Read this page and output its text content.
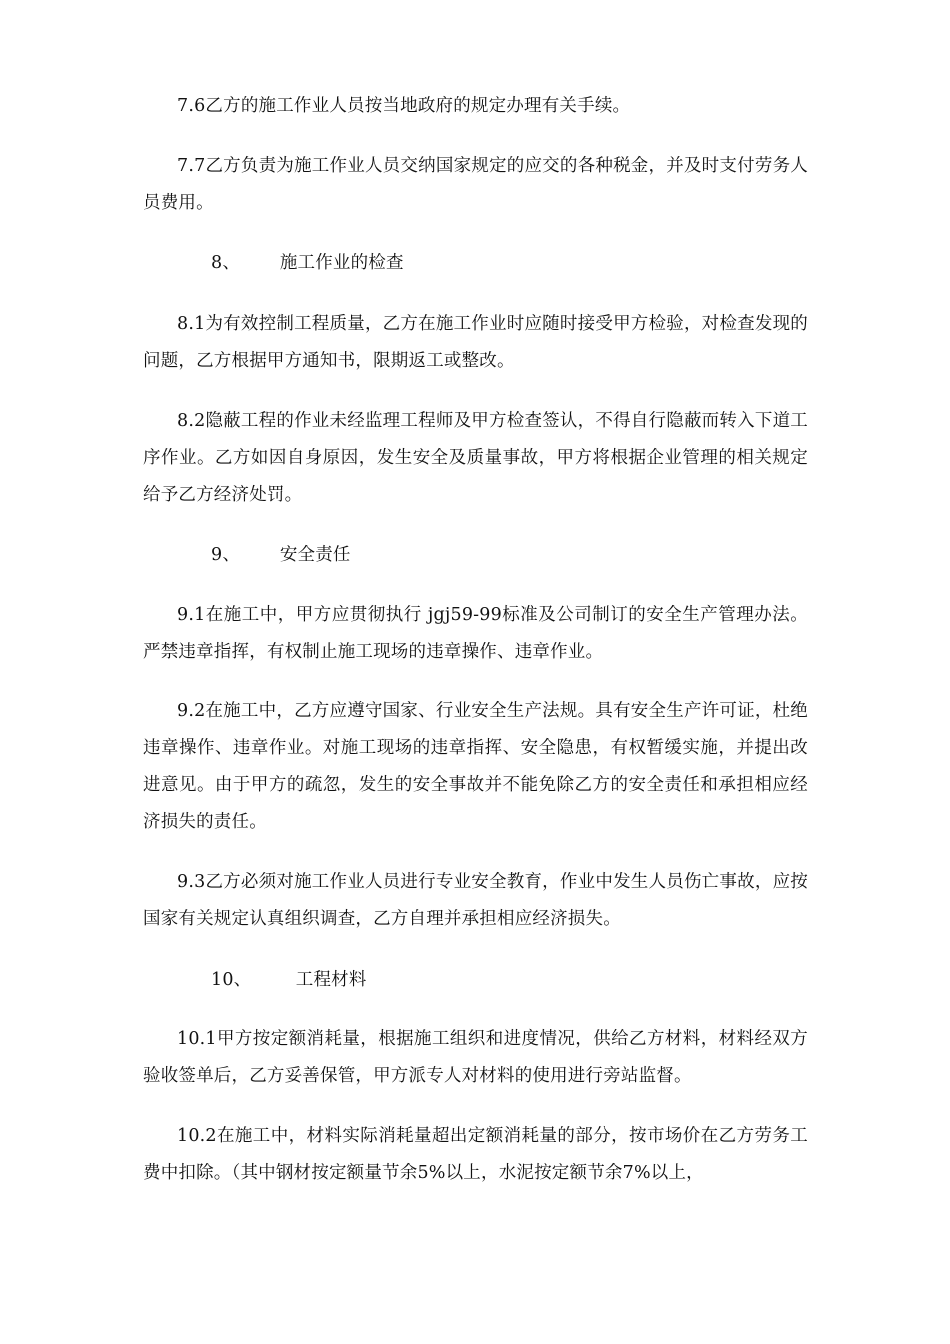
7.6乙方的施工作业人员按当地政府的规定办理有关手续。

7.7乙方负责为施工作业人员交纳国家规定的应交的各种税金，并及时支付劳务人员费用。

8、 施工作业的检查

8.1为有效控制工程质量，乙方在施工作业时应随时接受甲方检验，对检查发现的问题，乙方根据甲方通知书，限期返工或整改。

8.2隐蔽工程的作业未经监理工程师及甲方检查签认，不得自行隐蔽而转入下道工序作业。乙方如因自身原因，发生安全及质量事故，甲方将根据企业管理的相关规定给予乙方经济处罚。

9、 安全责任

9.1在施工中，甲方应贯彻执行 jgj59-99标准及公司制订的安全生产管理办法。严禁违章指挥，有权制止施工现场的违章操作、违章作业。

9.2在施工中，乙方应遵守国家、行业安全生产法规。具有安全生产许可证，杜绝违章操作、违章作业。对施工现场的违章指挥、安全隐患，有权暂缓实施，并提出改进意见。由于甲方的疏忽，发生的安全事故并不能免除乙方的安全责任和承担相应经济损失的责任。

9.3乙方必须对施工作业人员进行专业安全教育，作业中发生人员伤亡事故，应按国家有关规定认真组织调查，乙方自理并承担相应经济损失。

10、	工程材料

10.1甲方按定额消耗量，根据施工组织和进度情况，供给乙方材料，材料经双方验收签单后，乙方妥善保管，甲方派专人对材料的使用进行旁站监督。

10.2在施工中，材料实际消耗量超出定额消耗量的部分，按市场价在乙方劳务工费中扣除。（其中钢材按定额量节余5%以上，水泥按定额节余7%以上，
